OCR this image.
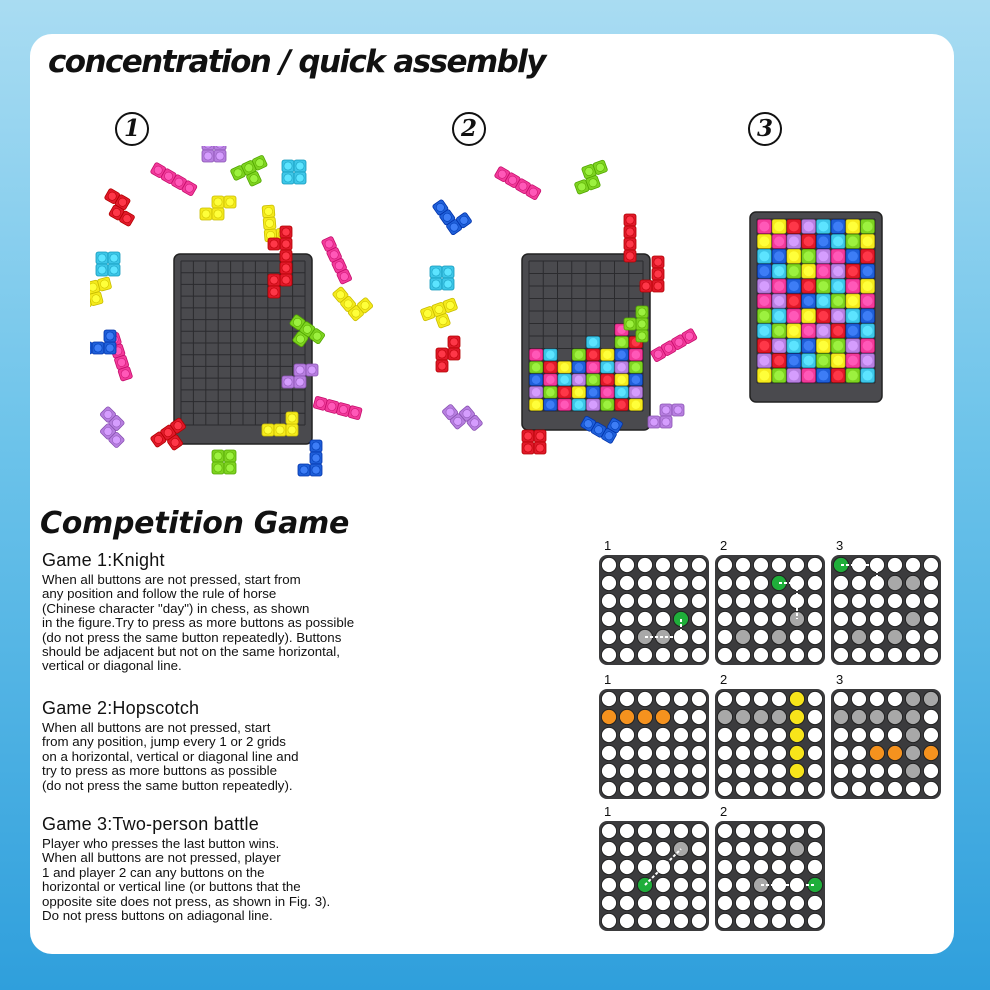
concentration / quick assembly
1	2	3
Competition Game
Game 1:Knight

When all buttons are not pressed, start from
any position and follow the rule of horse
(Chinese character "day") in chess, as shown
in the figure.Try to press as more buttons as possible
(do not press the same button repeatedly). Buttons
should be adjacent but not on the same horizontal,
vertical or diagonal line.

Game 2:Hopscotch

When all buttons are not pressed, start
from any position, jump every 1 or 2 grids
on a horizontal, vertical or diagonal line and
try to press as more buttons as possible
(do not press the same button repeatedly).

Game 3:Two-person battle

Player who presses the last button wins.
When all buttons are not pressed, player
1 and player 2 can any buttons on the
horizontal or vertical line (or buttons that the
opposite site does not press, as shown in Fig. 3).
Do not press buttons on adiagonal line.

1	2	3
1	2	3
1	2
